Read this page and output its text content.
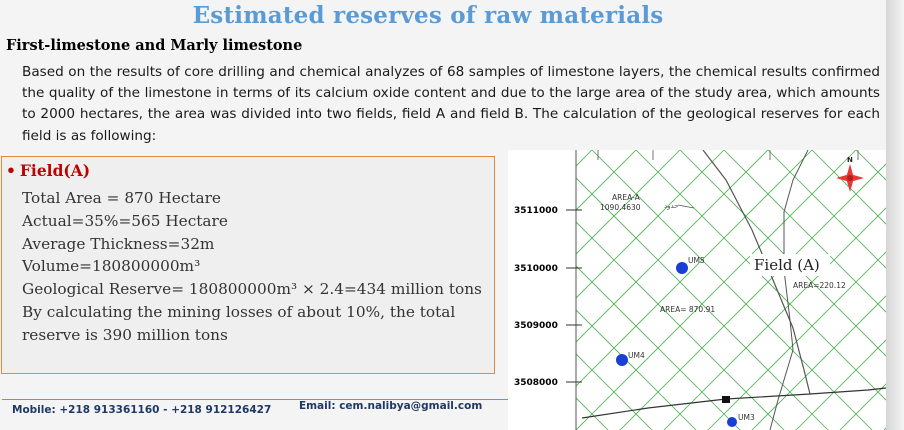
Estimated reserves of raw materials
First-limestone and Marly limestone
Based on the results of core drilling and chemical analyzes of 68 samples of limestone layers, the chemical results confirmed the quality of the limestone in terms of its calcium oxide content and due to the large area of the study area, which amounts to 2000 hectares, the area was divided into two fields, field A and field B. The calculation of the geological reserves for each field is as following:
• Field(A)
Total Area = 870 Hectare
Actual=35%=565 Hectare
Average Thickness=32m
Volume=180800000m³
Geological Reserve= 180800000m³ × 2.4=434 million tons
By calculating the mining losses of about 10%, the total reserve is 390 million tons
Mobile: +218 913361160 - +218 912126427	Email: cem.nalibya@gmail.com
3511000
3510000
3509000
3508000
AREA-A
1090.4630	حدود
AREA= 870.91
AREA=220.12
Field (A)
UM5
UM4
UM3
N
